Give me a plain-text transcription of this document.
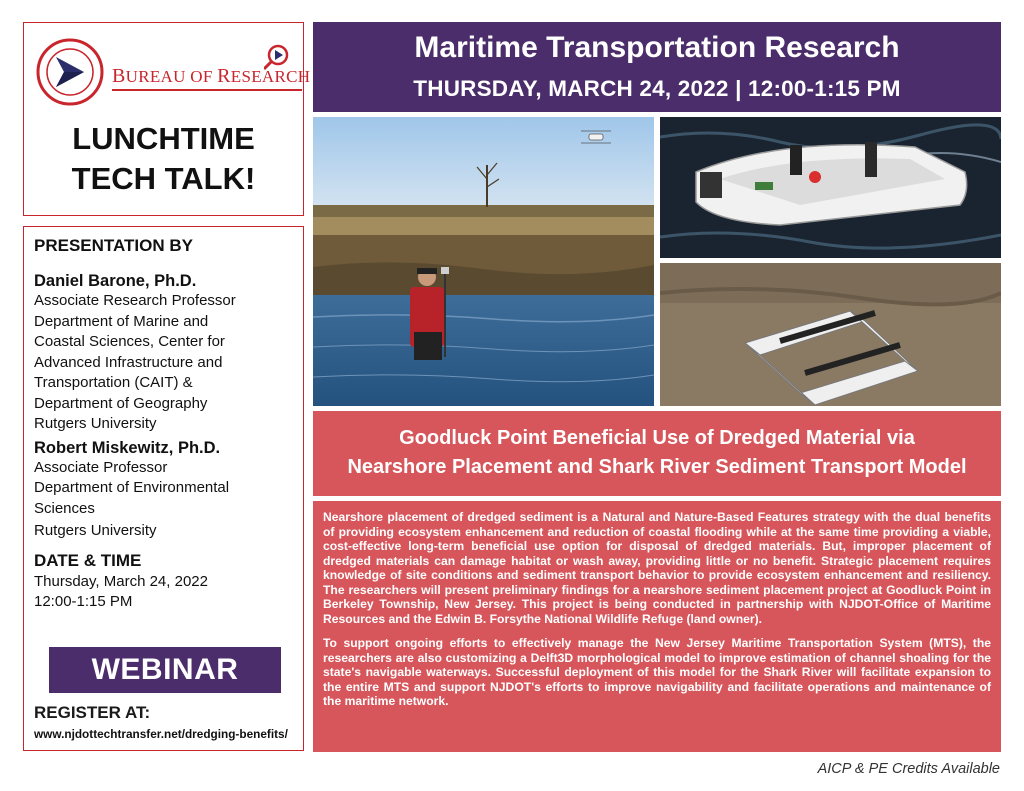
BUREAU OF RESEARCH
LUNCHTIME
TECH TALK!
PRESENTATION BY
Daniel Barone, Ph.D.
Associate Research Professor
Department of Marine and
Coastal Sciences, Center for
Advanced Infrastructure and
Transportation (CAIT) &
Department of Geography
Rutgers University
Robert Miskewitz, Ph.D.
Associate Professor
Department of Environmental
Sciences
Rutgers University
DATE & TIME
Thursday, March 24, 2022
12:00-1:15 PM
WEBINAR
REGISTER AT:
www.njdottechtransfer.net/dredging-benefits/
Maritime Transportation Research
THURSDAY, MARCH 24, 2022 | 12:00-1:15 PM
Goodluck Point Beneficial Use of Dredged Material via
Nearshore Placement and Shark River Sediment Transport Model

Nearshore placement of dredged sediment is a Natural and Nature-Based Features strategy with the dual benefits of providing ecosystem enhancement and reduction of coastal flooding while at the same time providing a viable, cost-effective long-term beneficial use option for disposal of dredged materials. But, improper placement of dredged materials can damage habitat or wash away, providing little or no benefit. Strategic placement requires knowledge of site conditions and sediment transport behavior to provide ecosystem enhancement and resiliency. The researchers will present preliminary findings for a nearshore sediment placement project at Goodluck Point in Berkeley Township, New Jersey. This project is being conducted in partnership with NJDOT-Office of Maritime Resources and the Edwin B. Forsythe National Wildlife Refuge (land owner).

To support ongoing efforts to effectively manage the New Jersey Maritime Transportation System (MTS), the researchers are also customizing a Delft3D morphological model to improve estimation of channel shoaling for the state's navigable waterways. Successful deployment of this model for the Shark River will facilitate expansion to the entire MTS and support NJDOT's efforts to improve navigability and facilitate operations and maintenance of the maritime network.

AICP & PE Credits Available
